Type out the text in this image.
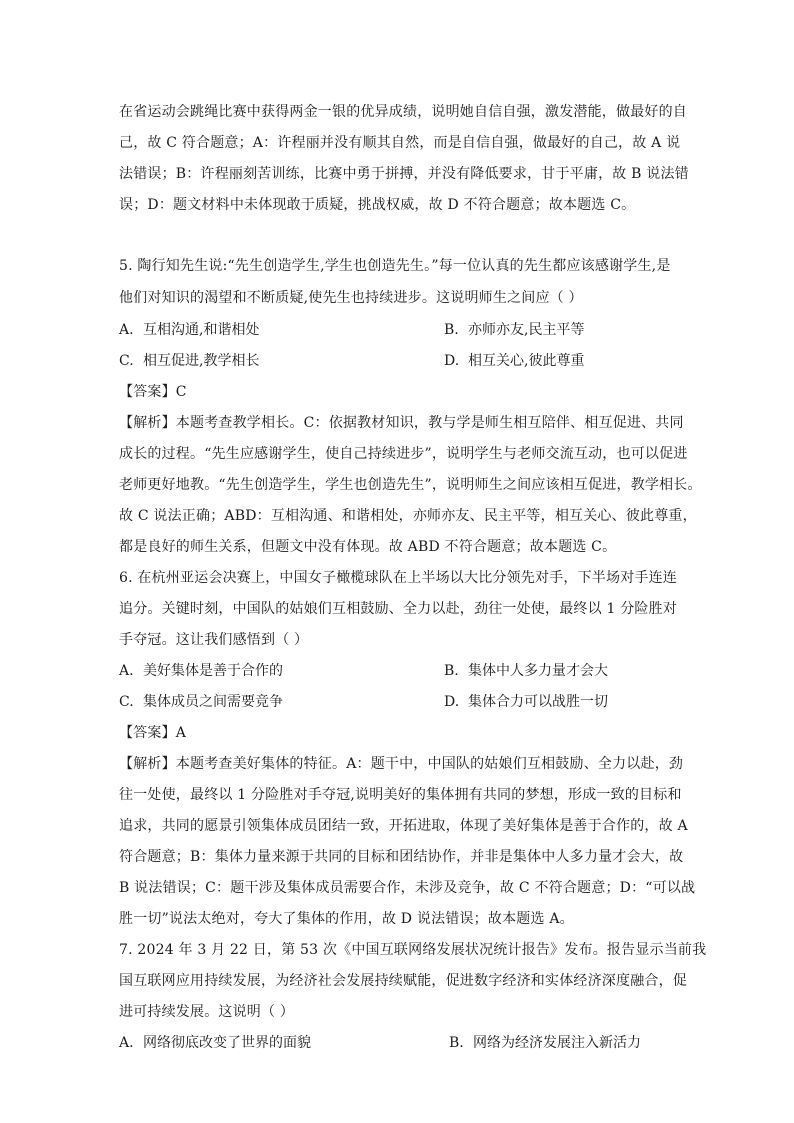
在省运动会跳绳比赛中获得两金一银的优异成绩，说明她自信自强，激发潜能，做最好的自
己，故 C 符合题意；A：许程丽并没有顺其自然，而是自信自强，做最好的自己，故 A 说
法错误；B：许程丽刻苦训练，比赛中勇于拼搏，并没有降低要求，甘于平庸，故 B 说法错
误；D：题文材料中未体现敢于质疑，挑战权威，故 D 不符合题意；故本题选 C。
5. 陶行知先生说:“先生创造学生,学生也创造先生。”每一位认真的先生都应该感谢学生,是
他们对知识的渴望和不断质疑,使先生也持续进步。这说明师生之间应（ ）
A. 互相沟通,和谐相处	B. 亦师亦友,民主平等
C. 相互促进,教学相长	D. 相互关心,彼此尊重
【答案】C
【解析】本题考查教学相长。C：依据教材知识，教与学是师生相互陪伴、相互促进、共同
成长的过程。“先生应感谢学生，使自己持续进步”，说明学生与老师交流互动，也可以促进
老师更好地教。“先生创造学生，学生也创造先生”，说明师生之间应该相互促进，教学相长。
故 C 说法正确；ABD：互相沟通、和谐相处，亦师亦友、民主平等，相互关心、彼此尊重，
都是良好的师生关系，但题文中没有体现。故 ABD 不符合题意；故本题选 C。
6. 在杭州亚运会决赛上，中国女子橄榄球队在上半场以大比分领先对手，下半场对手连连
追分。关键时刻，中国队的姑娘们互相鼓励、全力以赴，劲往一处使，最终以 1 分险胜对
手夺冠。这让我们感悟到（ ）
A. 美好集体是善于合作的	B. 集体中人多力量才会大
C. 集体成员之间需要竞争	D. 集体合力可以战胜一切
【答案】A
【解析】本题考查美好集体的特征。A：题干中，中国队的姑娘们互相鼓励、全力以赴，劲
往一处使，最终以 1 分险胜对手夺冠,说明美好的集体拥有共同的梦想，形成一致的目标和
追求，共同的愿景引领集体成员团结一致，开拓进取，体现了美好集体是善于合作的，故 A
符合题意；B：集体力量来源于共同的目标和团结协作，并非是集体中人多力量才会大，故
B 说法错误；C：题干涉及集体成员需要合作，未涉及竞争，故 C 不符合题意；D：“可以战
胜一切”说法太绝对，夸大了集体的作用，故 D 说法错误；故本题选 A。
7. 2024 年 3 月 22 日，第 53 次《中国互联网络发展状况统计报告》发布。报告显示当前我
国互联网应用持续发展，为经济社会发展持续赋能，促进数字经济和实体经济深度融合，促
进可持续发展。这说明（ ）
A. 网络彻底改变了世界的面貌	B. 网络为经济发展注入新活力
